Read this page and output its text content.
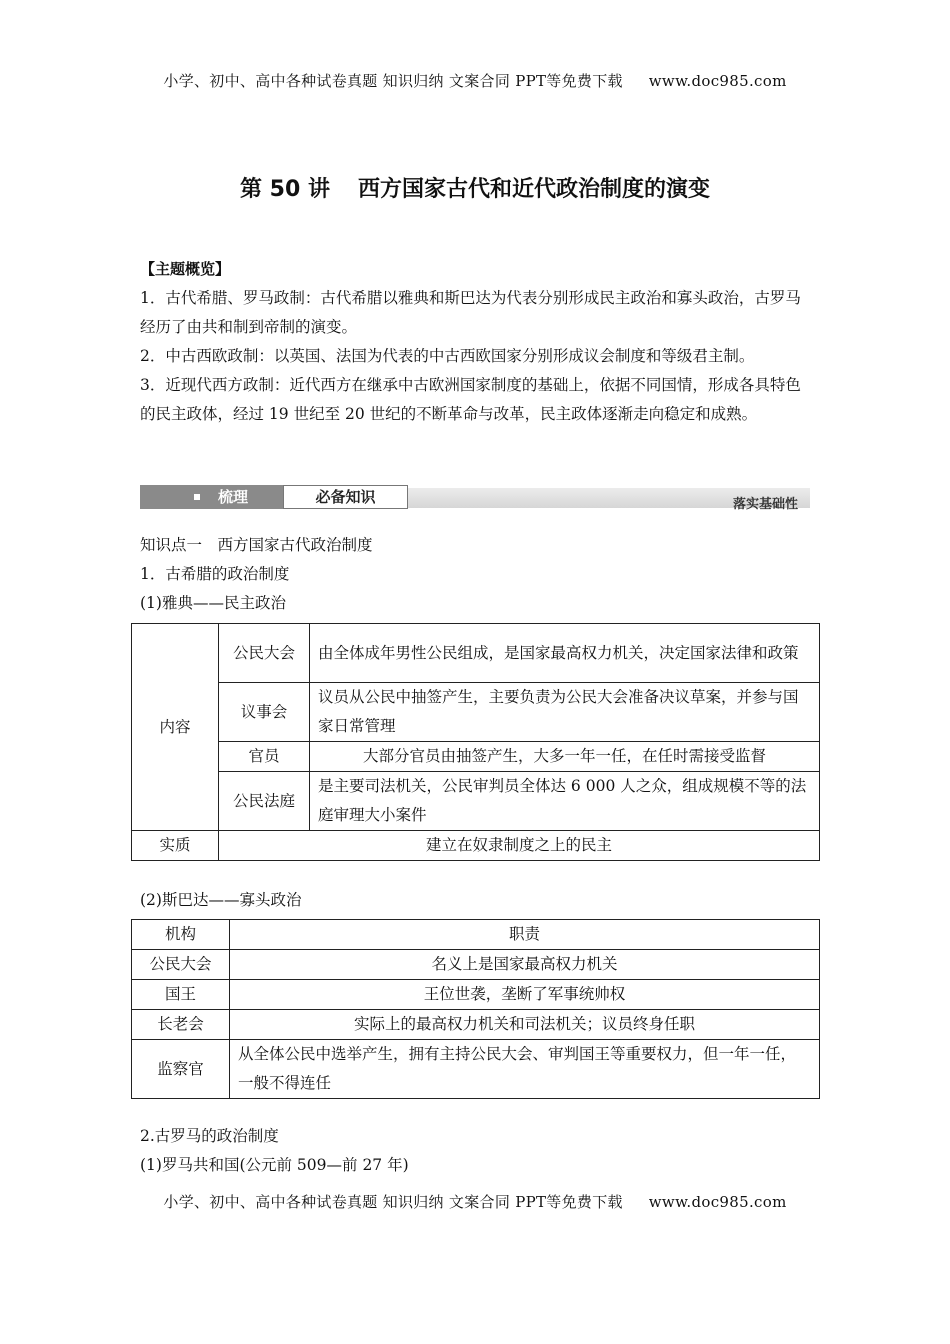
小学、初中、高中各种试卷真题 知识归纳 文案合同 PPT等免费下载 www.doc985.com
第 50 讲 西方国家古代和近代政治制度的演变
【主题概览】
1．古代希腊、罗马政制：古代希腊以雅典和斯巴达为代表分别形成民主政治和寡头政治，古罗马经历了由共和制到帝制的演变。
2．中古西欧政制：以英国、法国为代表的中古西欧国家分别形成议会制度和等级君主制。
3．近现代西方政制：近代西方在继承中古欧洲国家制度的基础上，依据不同国情，形成各具特色的民主政体，经过 19 世纪至 20 世纪的不断革命与改革，民主政体逐渐走向稳定和成熟。
梳理	必备知识	落实基础性
知识点一　西方国家古代政治制度
1．古希腊的政治制度
(1)雅典——民主政治
内容	公民大会	由全体成年男性公民组成，是国家最高权力机关，决定国家法律和政策
	议事会	议员从公民中抽签产生，主要负责为公民大会准备决议草案，并参与国家日常管理
	官员	大部分官员由抽签产生，大多一年一任，在任时需接受监督
	公民法庭	是主要司法机关，公民审判员全体达 6 000 人之众，组成规模不等的法庭审理大小案件
实质	建立在奴隶制度之上的民主	
(2)斯巴达——寡头政治
机构	职责
公民大会	名义上是国家最高权力机关
国王	王位世袭，垄断了军事统帅权
长老会	实际上的最高权力机关和司法机关；议员终身任职
监察官	从全体公民中选举产生，拥有主持公民大会、审判国王等重要权力，但一年一任，一般不得连任
2.古罗马的政治制度
(1)罗马共和国(公元前 509—前 27 年)
小学、初中、高中各种试卷真题 知识归纳 文案合同 PPT等免费下载 www.doc985.com
